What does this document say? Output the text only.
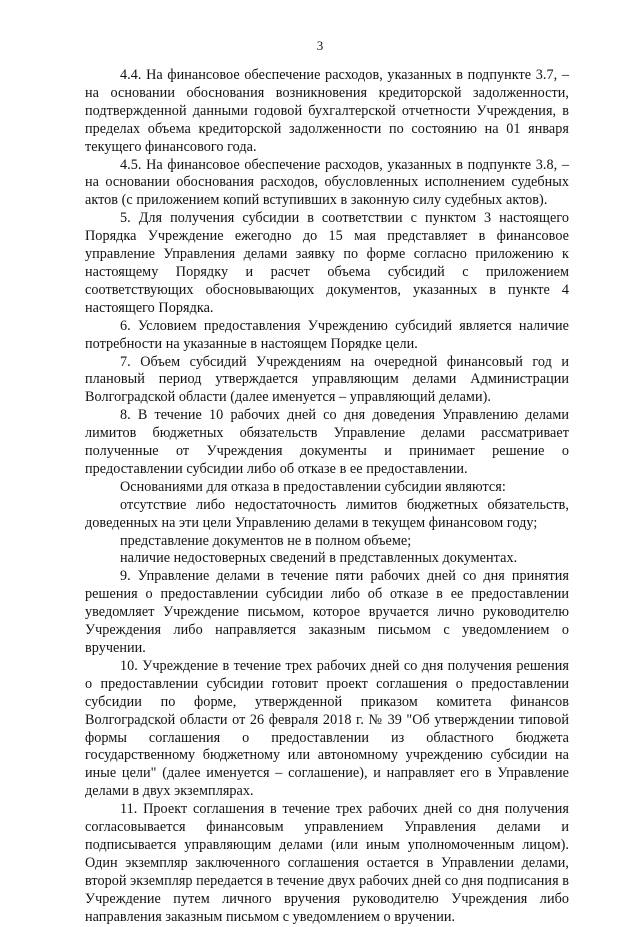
3

4.4. На финансовое обеспечение расходов, указанных в подпункте 3.7, – на основании обоснования возникновения кредиторской задолженности, подтвержденной данными годовой бухгалтерской отчетности Учреждения, в пределах объема кредиторской задолженности по состоянию на 01 января текущего финансового года.

4.5. На финансовое обеспечение расходов, указанных в подпункте 3.8, – на основании обоснования расходов, обусловленных исполнением судебных актов (с приложением копий вступивших в законную силу судебных актов).

5. Для получения субсидии в соответствии с пунктом 3 настоящего Порядка Учреждение ежегодно до 15 мая представляет в финансовое управление Управления делами заявку по форме согласно приложению к настоящему Порядку и расчет объема субсидий с приложением соответствующих обосновывающих документов, указанных в пункте 4 настоящего Порядка.

6. Условием предоставления Учреждению субсидий является наличие потребности на указанные в настоящем Порядке цели.

7. Объем субсидий Учреждениям на очередной финансовый год и плановый период утверждается управляющим делами Администрации Волгоградской области (далее именуется – управляющий делами).

8. В течение 10 рабочих дней со дня доведения Управлению делами лимитов бюджетных обязательств Управление делами рассматривает полученные от Учреждения документы и принимает решение о предоставлении субсидии либо об отказе в ее предоставлении.

Основаниями для отказа в предоставлении субсидии являются:

отсутствие либо недостаточность лимитов бюджетных обязательств, доведенных на эти цели Управлению делами в текущем финансовом году;

представление документов не в полном объеме;

наличие недостоверных сведений в представленных документах.

9. Управление делами в течение пяти рабочих дней со дня принятия решения о предоставлении субсидии либо об отказе в ее предоставлении уведомляет Учреждение письмом, которое вручается лично руководителю Учреждения либо направляется заказным письмом с уведомлением о вручении.

10. Учреждение в течение трех рабочих дней со дня получения решения о предоставлении субсидии готовит проект соглашения о предоставлении субсидии по форме, утвержденной приказом комитета финансов Волгоградской области от 26 февраля 2018 г. № 39 "Об утверждении типовой формы соглашения о предоставлении из областного бюджета государственному бюджетному или автономному учреждению субсидии на иные цели" (далее именуется – соглашение), и направляет его в Управление делами в двух экземплярах.

11. Проект соглашения в течение трех рабочих дней со дня получения согласовывается финансовым управлением Управления делами и подписывается управляющим делами (или иным уполномоченным лицом). Один экземпляр заключенного соглашения остается в Управлении делами, второй экземпляр передается в течение двух рабочих дней со дня подписания в Учреждение путем личного вручения руководителю Учреждения либо направления заказным письмом с уведомлением о вручении.
